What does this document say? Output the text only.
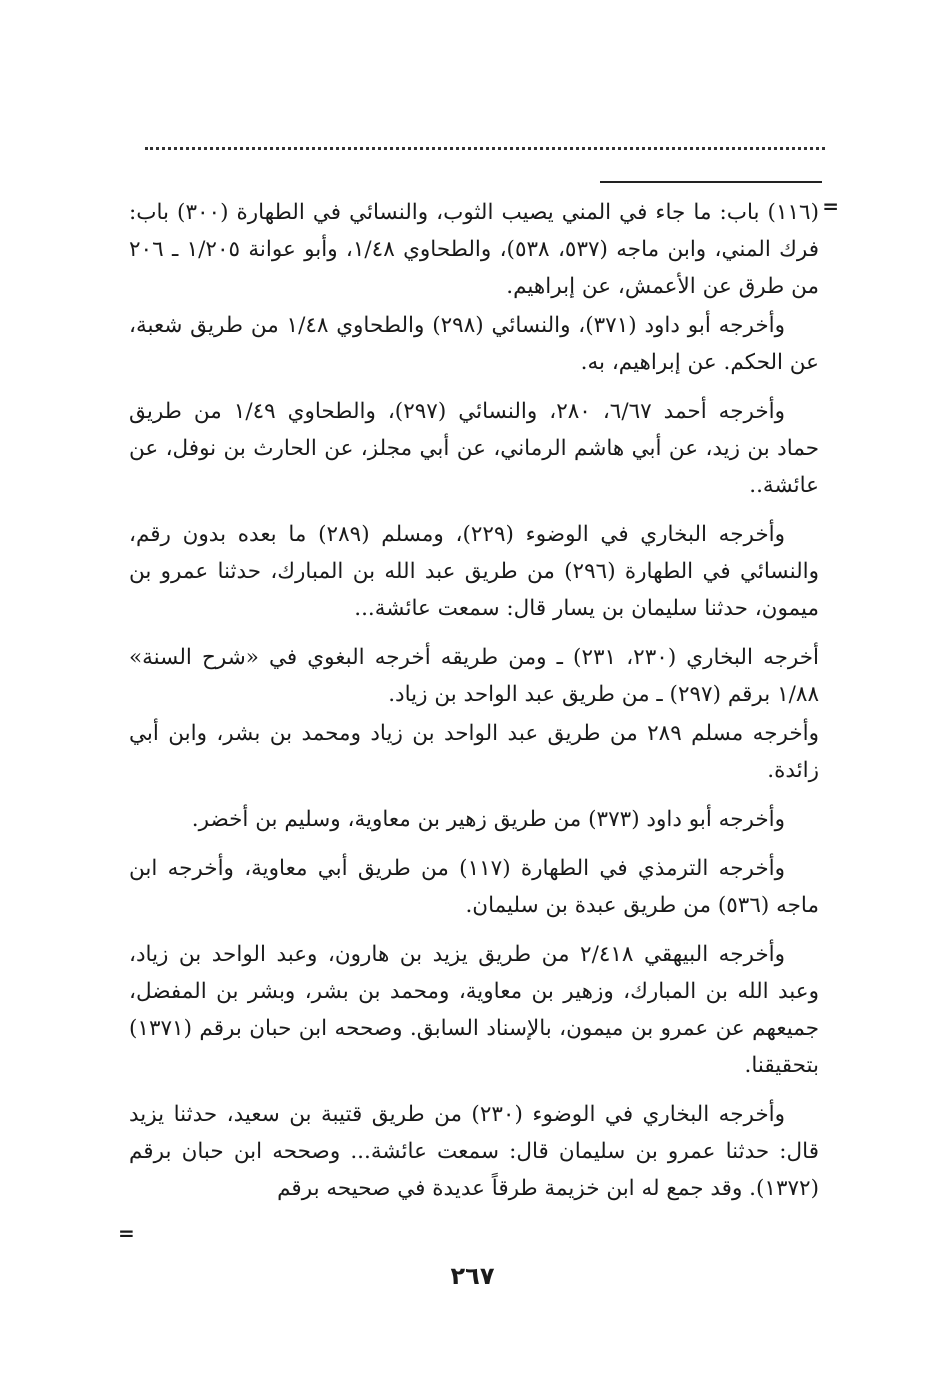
=

(١١٦) باب: ما جاء في المني يصيب الثوب، والنسائي في الطهارة (٣٠٠) باب: فرك المني، وابن ماجه (٥٣٧، ٥٣٨)، والطحاوي ١/٤٨، وأبو عوانة ١/٢٠٥ ـ ٢٠٦ من طرق عن الأعمش، عن إبراهيم.

وأخرجه أبو داود (٣٧١)، والنسائي (٢٩٨) والطحاوي ١/٤٨ من طريق شعبة، عن الحكم. عن إبراهيم، به.

وأخرجه أحمد ٦/٦٧، ٢٨٠، والنسائي (٢٩٧)، والطحاوي ١/٤٩ من طريق حماد بن زيد، عن أبي هاشم الرماني، عن أبي مجلز، عن الحارث بن نوفل، عن عائشة..

وأخرجه البخاري في الوضوء (٢٢٩)، ومسلم (٢٨٩) ما بعده بدون رقم، والنسائي في الطهارة (٢٩٦) من طريق عبد الله بن المبارك، حدثنا عمرو بن ميمون، حدثنا سليمان بن يسار قال: سمعت عائشة...

أخرجه البخاري (٢٣٠، ٢٣١) ـ ومن طريقه أخرجه البغوي في «شرح السنة» ١/٨٨ برقم (٢٩٧) ـ من طريق عبد الواحد بن زياد.

وأخرجه مسلم ٢٨٩ من طريق عبد الواحد بن زياد ومحمد بن بشر، وابن أبي زائدة.

وأخرجه أبو داود (٣٧٣) من طريق زهير بن معاوية، وسليم بن أخضر.

وأخرجه الترمذي في الطهارة (١١٧) من طريق أبي معاوية، وأخرجه ابن ماجه (٥٣٦) من طريق عبدة بن سليمان.

وأخرجه البيهقي ٢/٤١٨ من طريق يزيد بن هارون، وعبد الواحد بن زياد، وعبد الله بن المبارك، وزهير بن معاوية، ومحمد بن بشر، وبشر بن المفضل، جميعهم عن عمرو بن ميمون، بالإسناد السابق. وصححه ابن حبان برقم (١٣٧١) بتحقيقنا.

وأخرجه البخاري في الوضوء (٢٣٠) من طريق قتيبة بن سعيد، حدثنا يزيد قال: حدثنا عمرو بن سليمان قال: سمعت عائشة... وصححه ابن حبان برقم (١٣٧٢). وقد جمع له ابن خزيمة طرقاً عديدة في صحيحه برقم

=
٢٦٧
